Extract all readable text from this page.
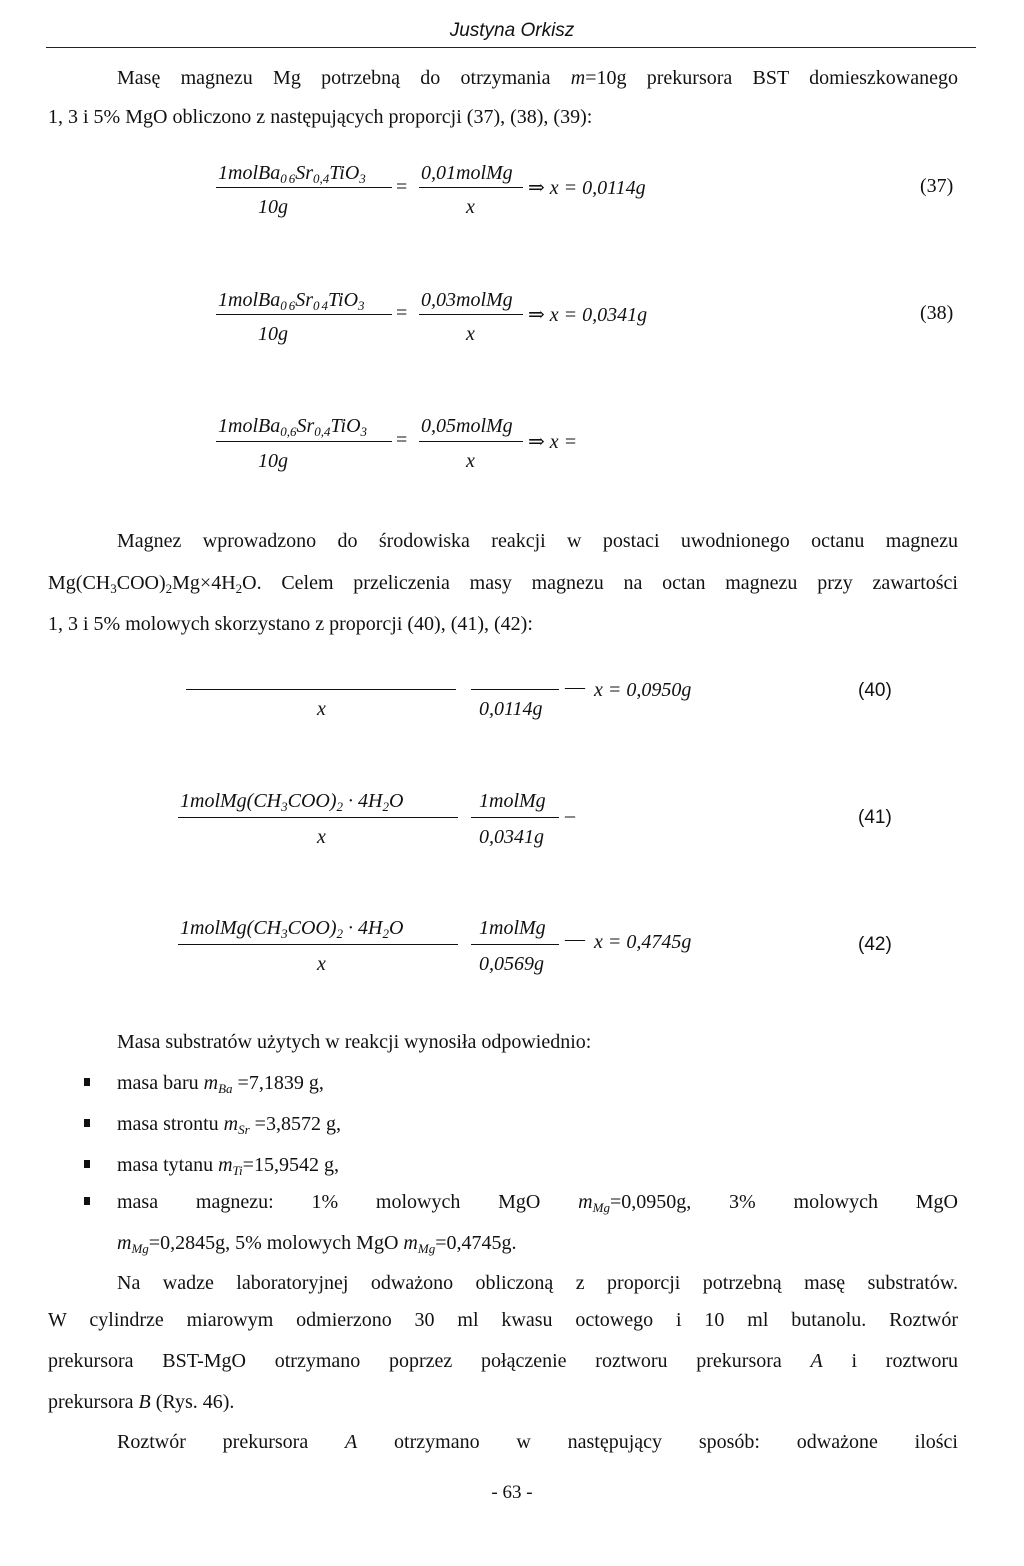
Justyna Orkisz
Masę magnezu Mg potrzebną do otrzymania m=10g prekursora BST domieszkowanego
1, 3 i 5% MgO obliczono z następujących proporcji (37), (38), (39):
1molBa$_0$ $_6Sr_{0,4}TiO_3$
10g
=
0,01molMg
x
⇒ x = 0,0114g	(37)
1molBa$_0$ $_6Sr_0$ $_4$TiO$_3$
10g
=
0,03molMg
x
⇒ x = 0,0341g	(38)
$1molBa_{0,6}Sr_{0,4}TiO_3$
10g
=
0,05molMg
x
⇒ x =
Magnez wprowadzono do środowiska reakcji w postaci uwodnionego octanu magnezu
$Mg(CH_3COO)_2Mg\times 4H_2O$. Celem przeliczenia masy magnezu na octan magnezu przy zawartości
1, 3 i 5% molowych skorzystano z proporcji (40), (41), (42):
x	0,0114g
— x = 0,0950g	(40)
$1molMg(CH_3COO)_2 \cdot 4H_2O$
x
1molMg
0,0341g
_	(41)
$1molMg(CH_3COO)_2 \cdot 4H_2O$
x
1molMg
0,0569g
— x = 0,4745g	(42)
Masa substratów użytych w reakcji wynosiła odpowiednio:
masa baru $m_{Ba} =7,1839$ g,
masa strontu $m_{Sr} =3,8572$ g,
masa tytanu $m_{Ti}=15,9542$ g,
masa magnezu: 1% molowych MgO $m_{Mg}=0,0950g$, 3% molowych MgO
$m_{Mg}=0,2845g$, 5% molowych MgO $m_{Mg}=0,4745g$.
Na wadze laboratoryjnej odważono obliczoną z proporcji potrzebną masę substratów.
W cylindrze miarowym odmierzono 30 ml kwasu octowego i 10 ml butanolu. Roztwór
prekursora BST-MgO otrzymano poprzez połączenie roztworu prekursora A i roztworu
prekursora B (Rys. 46).
Roztwór prekursora A otrzymano w następujący sposób: odważone ilości
- 63 -
